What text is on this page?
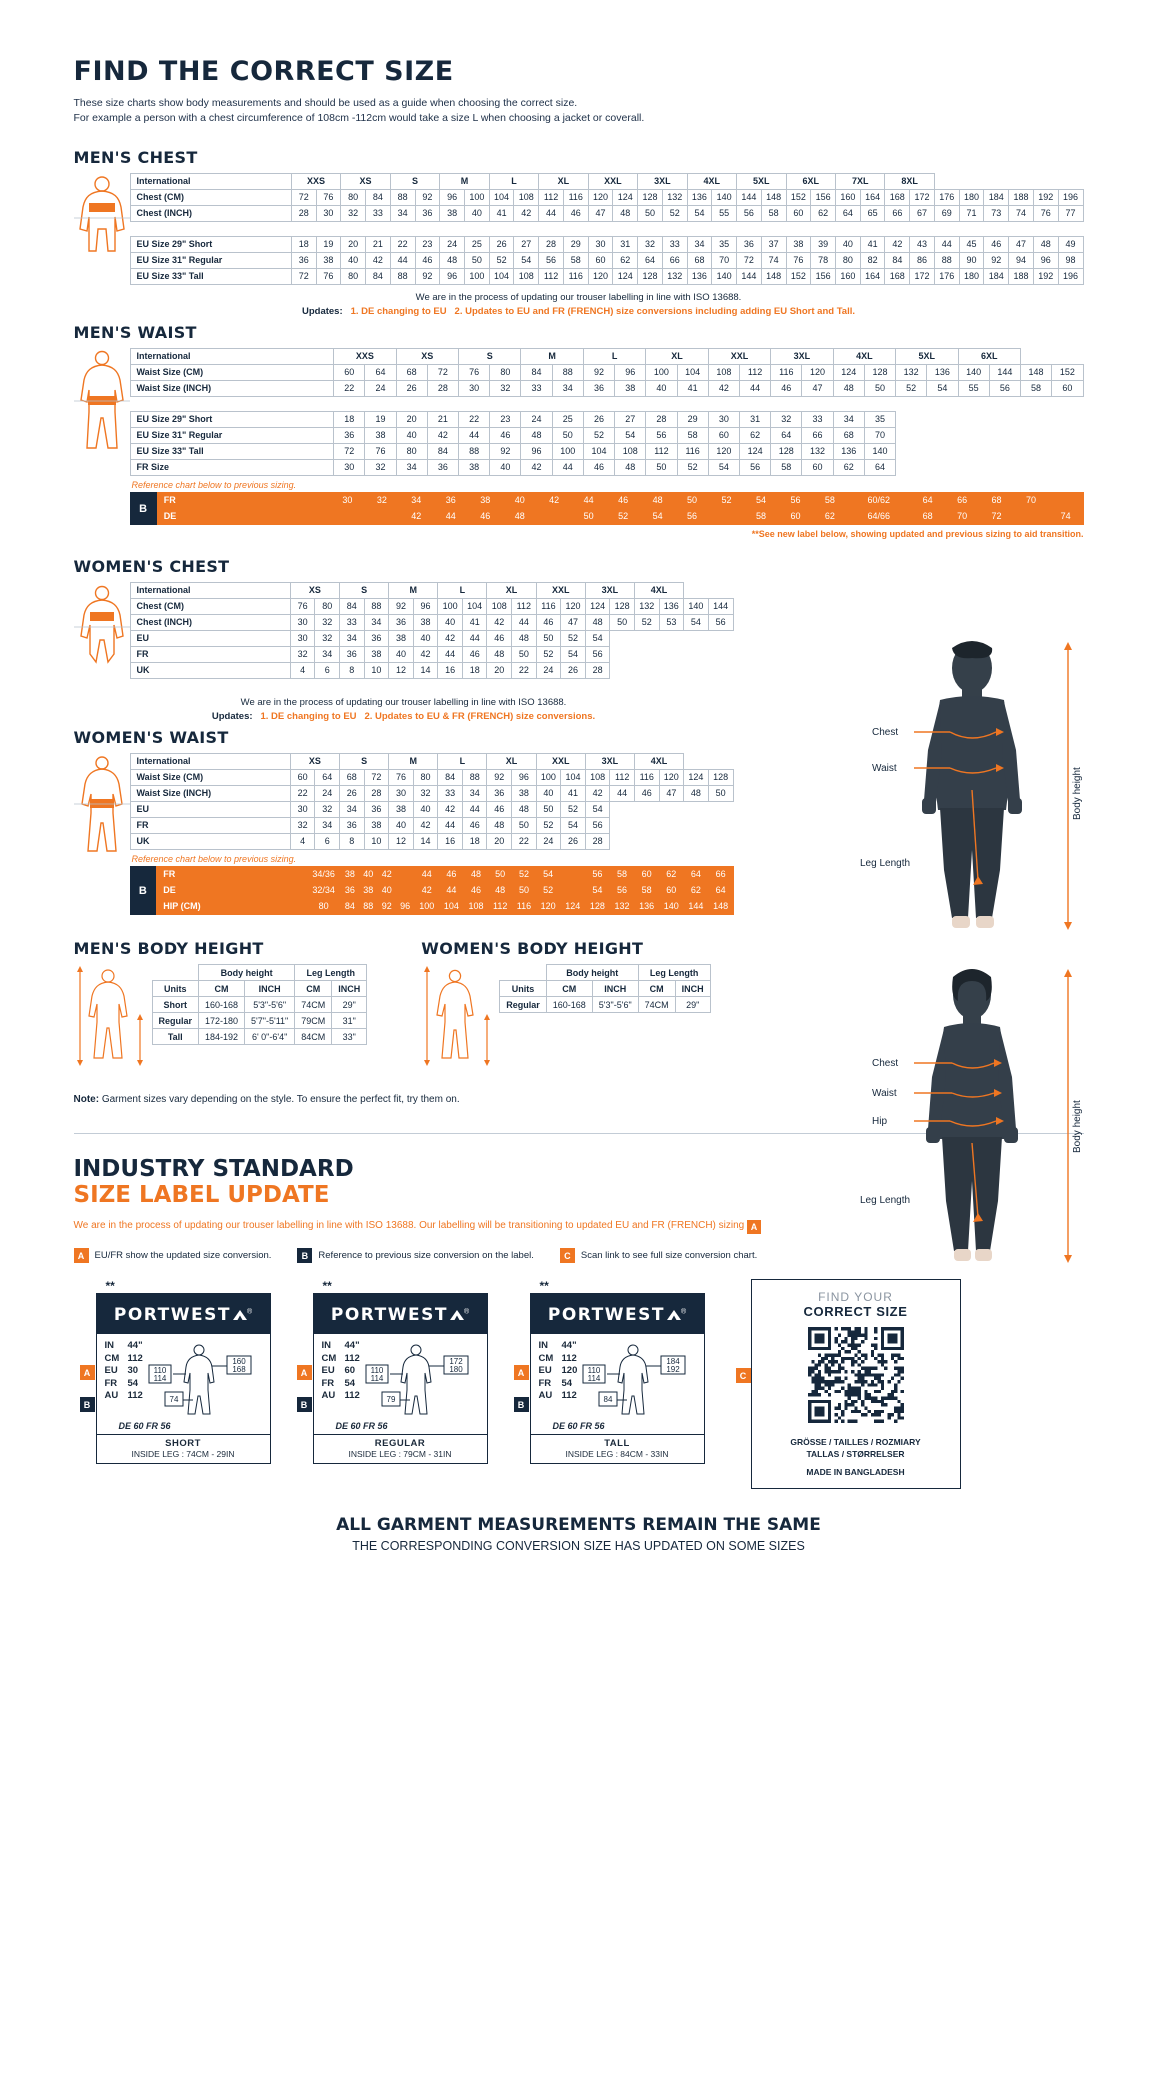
FIND THE CORRECT SIZE
These size charts show body measurements and should be used as a guide when choosing the correct size.
For example a person with a chest circumference of 108cm -112cm would take a size L when choosing a jacket or coverall.
MEN'S CHEST
International	XXS		XS		S		M		L		XL		XXL		3XL		4XL		5XL		6XL		7XL		8XL							
Chest (CM)	72	76	80	84	88	92	96	100	104	108	112	116	120	124	128	132	136	140	144	148	152	156	160	164	168	172	176	180	184	188	192	196
Chest (INCH)	28	30	32	33	34	36	38	40	41	42	44	46	47	48	50	52	54	55	56	58	60	62	64	65	66	67	69	71	73	74	76	77

EU Size 29" Short	18	19	20	21	22	23	24	25	26	27	28	29	30	31	32	33	34	35	36	37	38	39	40	41	42	43	44	45	46	47	48	49
EU Size 31" Regular	36	38	40	42	44	46	48	50	52	54	56	58	60	62	64	66	68	70	72	74	76	78	80	82	84	86	88	90	92	94	96	98
EU Size 33" Tall	72	76	80	84	88	92	96	100	104	108	112	116	120	124	128	132	136	140	144	148	152	156	160	164	168	172	176	180	184	188	192	196
We are in the process of updating our trouser labelling in line with ISO 13688.
Updates: 1. DE changing to EU 2. Updates to EU and FR (FRENCH) size conversions including adding EU Short and Tall.
MEN'S WAIST
International	XXS		XS		S		M		L		XL		XXL		3XL		4XL		5XL		6XL			
Waist Size (CM)	60	64	68	72	76	80	84	88	92	96	100	104	108	112	116	120	124	128	132	136	140	144	148	152
Waist Size (INCH)	22	24	26	28	30	32	33	34	36	38	40	41	42	44	46	47	48	50	52	54	55	56	58	60

EU Size 29" Short	18	19	20	21	22	23	24	25	26	27	28	29	30	31	32	33	34	35						
EU Size 31" Regular	36	38	40	42	44	46	48	50	52	54	56	58	60	62	64	66	68	70						
EU Size 33" Tall	72	76	80	84	88	92	96	100	104	108	112	116	120	124	128	132	136	140						
FR Size	30	32	34	36	38	40	42	44	46	48	50	52	54	56	58	60	62	64						
Reference chart below to previous sizing.
B
FR			30	32	34	36	38	40	42	44	46	48	50	52	54	56	58	60/62	64	66	68	70	
DE					42	44	46	48		50	52	54	56		58	60	62	64/66	68	70	72		74
**See new label below, showing updated and previous sizing to aid transition.
WOMEN'S CHEST
International	XS		S		M		L		XL		XXL		3XL		4XL			
Chest (CM)	76	80	84	88	92	96	100	104	108	112	116	120	124	128	132	136	140	144
Chest (INCH)	30	32	33	34	36	38	40	41	42	44	46	47	48	50	52	53	54	56
EU	30	32	34	36	38	40	42	44	46	48	50	52	54					
FR	32	34	36	38	40	42	44	46	48	50	52	54	56					
UK	4	6	8	10	12	14	16	18	20	22	24	26	28					
We are in the process of updating our trouser labelling in line with ISO 13688.
Updates: 1. DE changing to EU 2. Updates to EU & FR (FRENCH) size conversions.
WOMEN'S WAIST
International	XS		S		M		L		XL		XXL		3XL		4XL			
Waist Size (CM)	60	64	68	72	76	80	84	88	92	96	100	104	108	112	116	120	124	128
Waist Size (INCH)	22	24	26	28	30	32	33	34	36	38	40	41	42	44	46	47	48	50
EU	30	32	34	36	38	40	42	44	46	48	50	52	54					
FR	32	34	36	38	40	42	44	46	48	50	52	54	56					
UK	4	6	8	10	12	14	16	18	20	22	24	26	28					
Reference chart below to previous sizing.
B
FR	34/36	38	40	42		44	46	48	50	52	54		56	58	60	62	64	66
DE	32/34	36	38	40		42	44	46	48	50	52		54	56	58	60	62	64
HIP (CM)	80	84	88	92	96	100	104	108	112	116	120	124	128	132	136	140	144	148
MEN'S BODY HEIGHT
	Body height		Leg Length	
Units	CM	INCH	CM	INCH
Short	160-168	5'3"-5'6"	74CM	29"
Regular	172-180	5'7"-5'11"	79CM	31"
Tall	184-192	6' 0"-6'4"	84CM	33"
WOMEN'S BODY HEIGHT
	Body height		Leg Length	
Units	CM	INCH	CM	INCH
Regular	160-168	5'3"-5'6"	74CM	29"
Note: Garment sizes vary depending on the style. To ensure the perfect fit, try them on.
INDUSTRY STANDARD
SIZE LABEL UPDATE
We are in the process of updating our trouser labelling in line with ISO 13688. Our labelling will be transitioning to updated EU and FR (FRENCH) sizing A
A	EU/FR show the updated size conversion.	B	Reference to previous size conversion on the label.	C	Scan link to see full size conversion chart.
**
A
B
PORTWEST ®
IN	44"
CM 112
EU	30
FR	54
AU 112
110
114
160
168
74
DE 60 FR 56
SHORT
INSIDE LEG : 74CM - 29IN
**
A
B
PORTWEST ®
IN	44"
CM 112
EU	60
FR	54
AU 112
110
114
172
180
79
DE 60 FR 56
REGULAR
INSIDE LEG : 79CM - 31IN
**
A
B
PORTWEST ®
IN	44"
CM 112
EU	120
FR	54
AU 112
110
114
184
192
84
DE 60 FR 56
TALL
INSIDE LEG : 84CM - 33IN
C
FIND YOUR
CORRECT SIZE
GRÖSSE / TAILLES / ROZMIARY
TALLAS / STØRRELSER
MADE IN BANGLADESH
ALL GARMENT MEASUREMENTS REMAIN THE SAME
THE CORRESPONDING CONVERSION SIZE HAS UPDATED ON SOME SIZES
Chest
Waist
Leg Length
Body height
Chest
Waist
Hip
Leg Length
Body height
